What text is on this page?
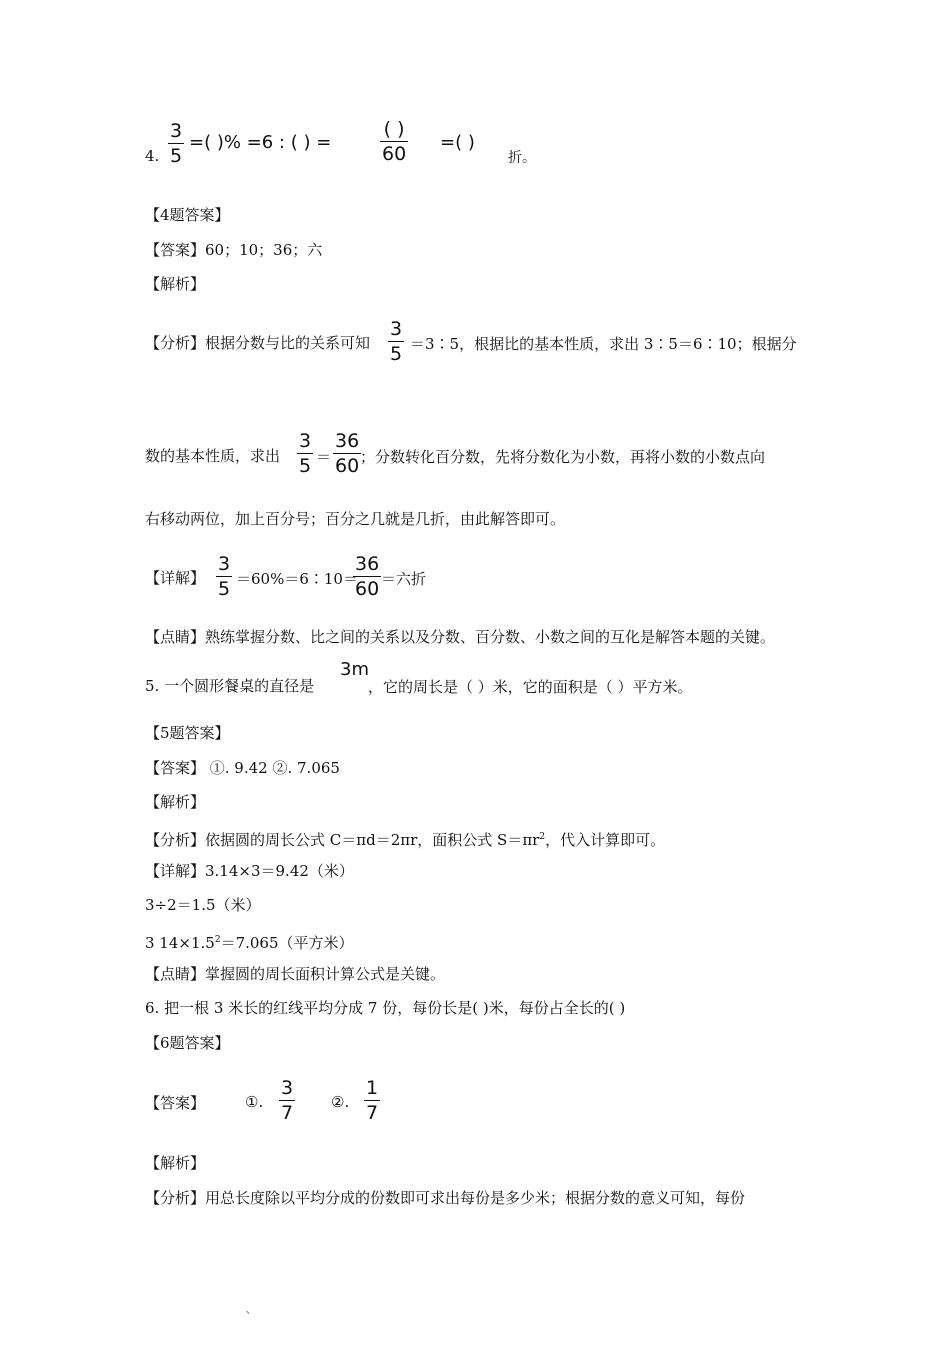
4.
3
5
=( )% =6 : ( ) =
( )
60
=( )
折。
【4题答案】
【答案】60；10；36；六
【解析】
【分析】根据分数与比的关系可知
3
5 ＝3∶5，根据比的基本性质，求出 3∶5＝6∶10；根据分
数的基本性质，求出
3
5 ＝
36
60 ；分数转化百分数，先将分数化为小数，再将小数的小数点向
右移动两位，加上百分号；百分之几就是几折，由此解答即可。
【详解】
3
5 ＝60%＝6∶10＝
36
60 ＝六折
【点睛】熟练掌握分数、比之间的关系以及分数、百分数、小数之间的互化是解答本题的关键。
5. 一个圆形餐桌的直径是
3m
，它的周长是（ ）米，它的面积是（ ）平方米。
【5题答案】
【答案】 ①. 9.42 ②. 7.065
【解析】
【分析】依据圆的周长公式 C＝πd＝2πr，面积公式 $S=\pi r^2$，代入计算即可。
【详解】3.14×3＝9.42（米）
3÷2＝1.5（米）
3 $14\times 1.5^2=7.065$（平方米）
【点睛】掌握圆的周长面积计算公式是关键。
6. 把一根 3 米长的红线平均分成 7 份，每份长是( )米，每份占全长的( )
【6题答案】
【答案】	①.
3
7	②.
1
7
【解析】
【分析】用总长度除以平均分成的份数即可求出每份是多少米；根据分数的意义可知，每份
、
